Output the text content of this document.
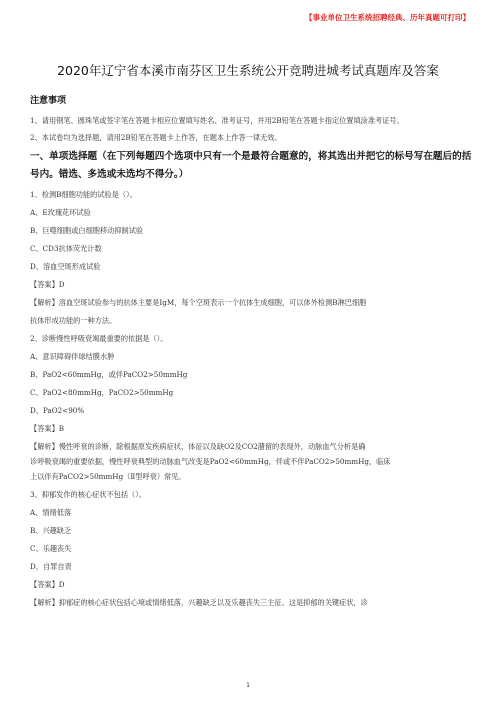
【事业单位卫生系统招聘经典、历年真题可打印】
2020年辽宁省本溪市南芬区卫生系统公开竞聘进城考试真题库及答案
注意事项
1、请用钢笔、圆珠笔或签字笔在答题卡相应位置填写姓名、准考证号，并用2B铅笔在答题卡指定位置填涂准考证号。
2、本试卷均为选择题，请用2B铅笔在答题卡上作答，在题本上作答一律无效。
一、单项选择题（在下列每题四个选项中只有一个是最符合题意的，将其选出并把它的标号写在题后的括号内。错选、多选或未选均不得分。）
1、检测B细胞功能的试验是（）。
A、E玫瑰花环试验
B、巨噬细胞或白细胞移动抑制试验
C、CD3抗体荧光计数
D、溶血空斑形成试验
【答案】D
【解析】溶血空斑试验参与的抗体主要是IgM，每个空斑表示一个抗体生成细胞，可以体外检测B淋巴细胞
抗体形成功能的一种方法。
2、诊断慢性呼吸衰竭最重要的依据是（）。
A、意识障碍伴球结膜水肿
B、PaO2<60mmHg，或伴PaCO2>50mmHg
C、PaO2<80mmHg，PaCO2>50mmHg
D、PaO2<90%
【答案】B
【解析】慢性呼衰的诊断，除根据原发疾病症状、体征以及缺O2及CO2潴留的表现外，动脉血气分析是确
诊呼吸衰竭的重要依据，慢性呼衰典型的动脉血气改变是PaO2<60mmHg，伴或不伴PaCO2>50mmHg，临床
上以伴有PaCO2>50mmHg（Ⅱ型呼衰）常见。
3、抑郁发作的核心症状不包括（）。
A、情绪低落
B、兴趣缺乏
C、乐趣丧失
D、自罪自责
【答案】D
【解析】抑郁症的核心症状包括心境或情绪低落，兴趣缺乏以及乐趣丧失三主征。这是抑郁的关键症状，诊
1
